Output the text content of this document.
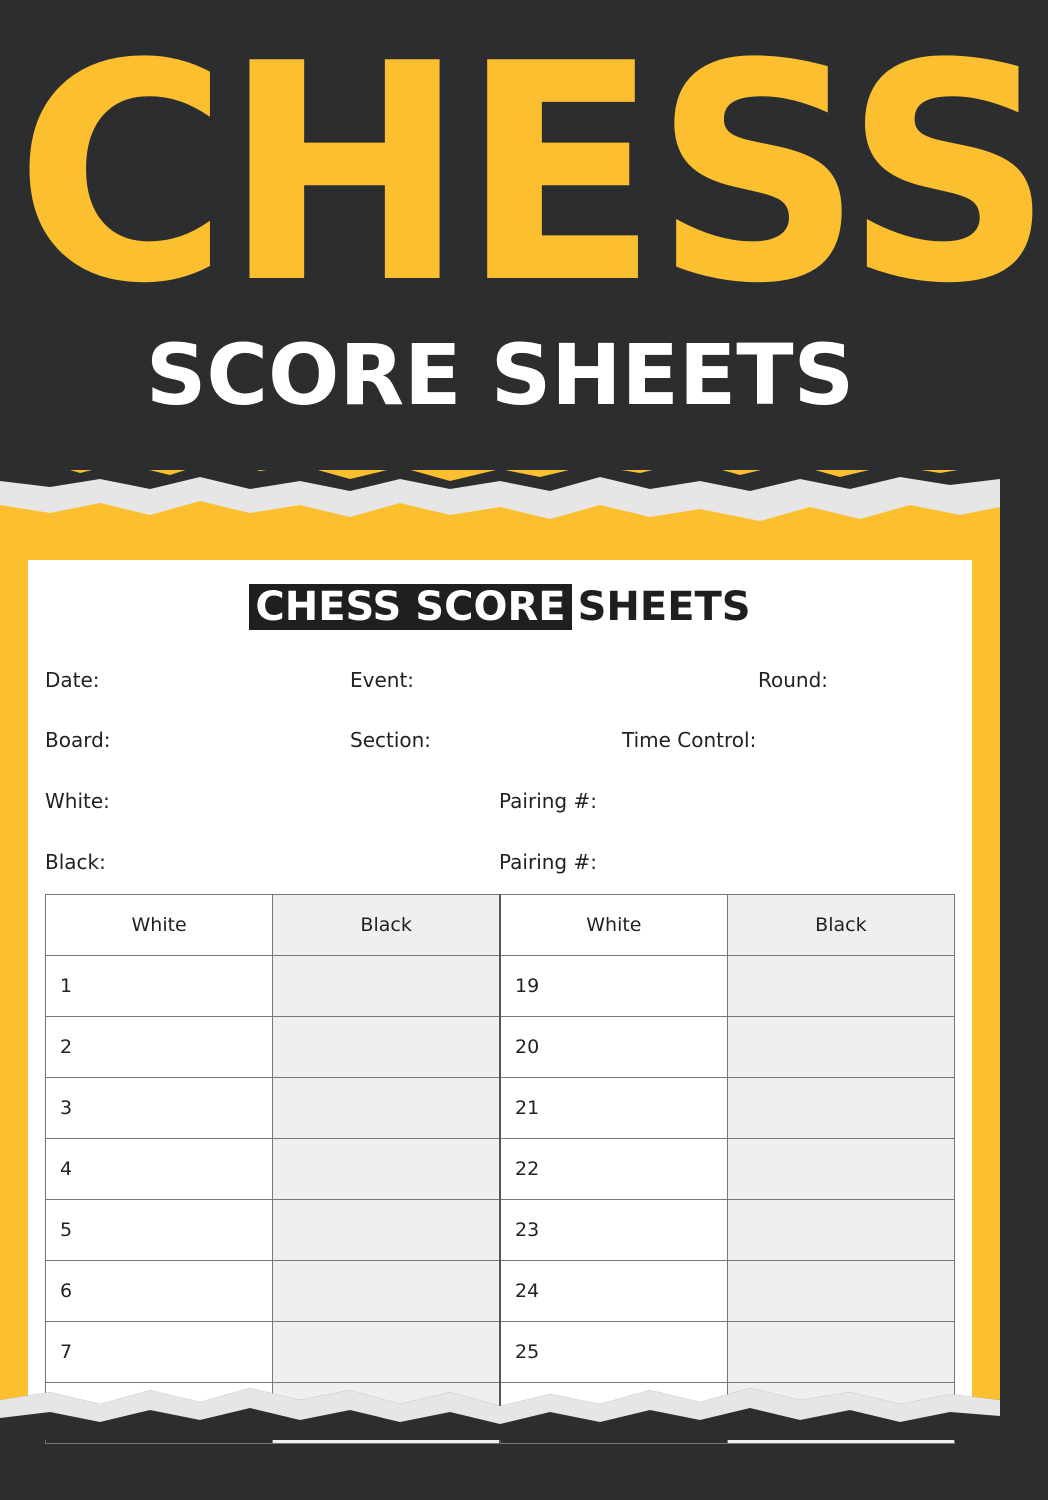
CHESS
SCORE SHEETS
CHESS SCORE SHEETS
Date:	Event:	Round:
Board:	Section:	Time Control:
White:	Pairing #:
Black:	Pairing #:
White	Black	White	Black
1		19	
2		20	
3		21	
4		22	
5		23	
6		24	
7		25	
